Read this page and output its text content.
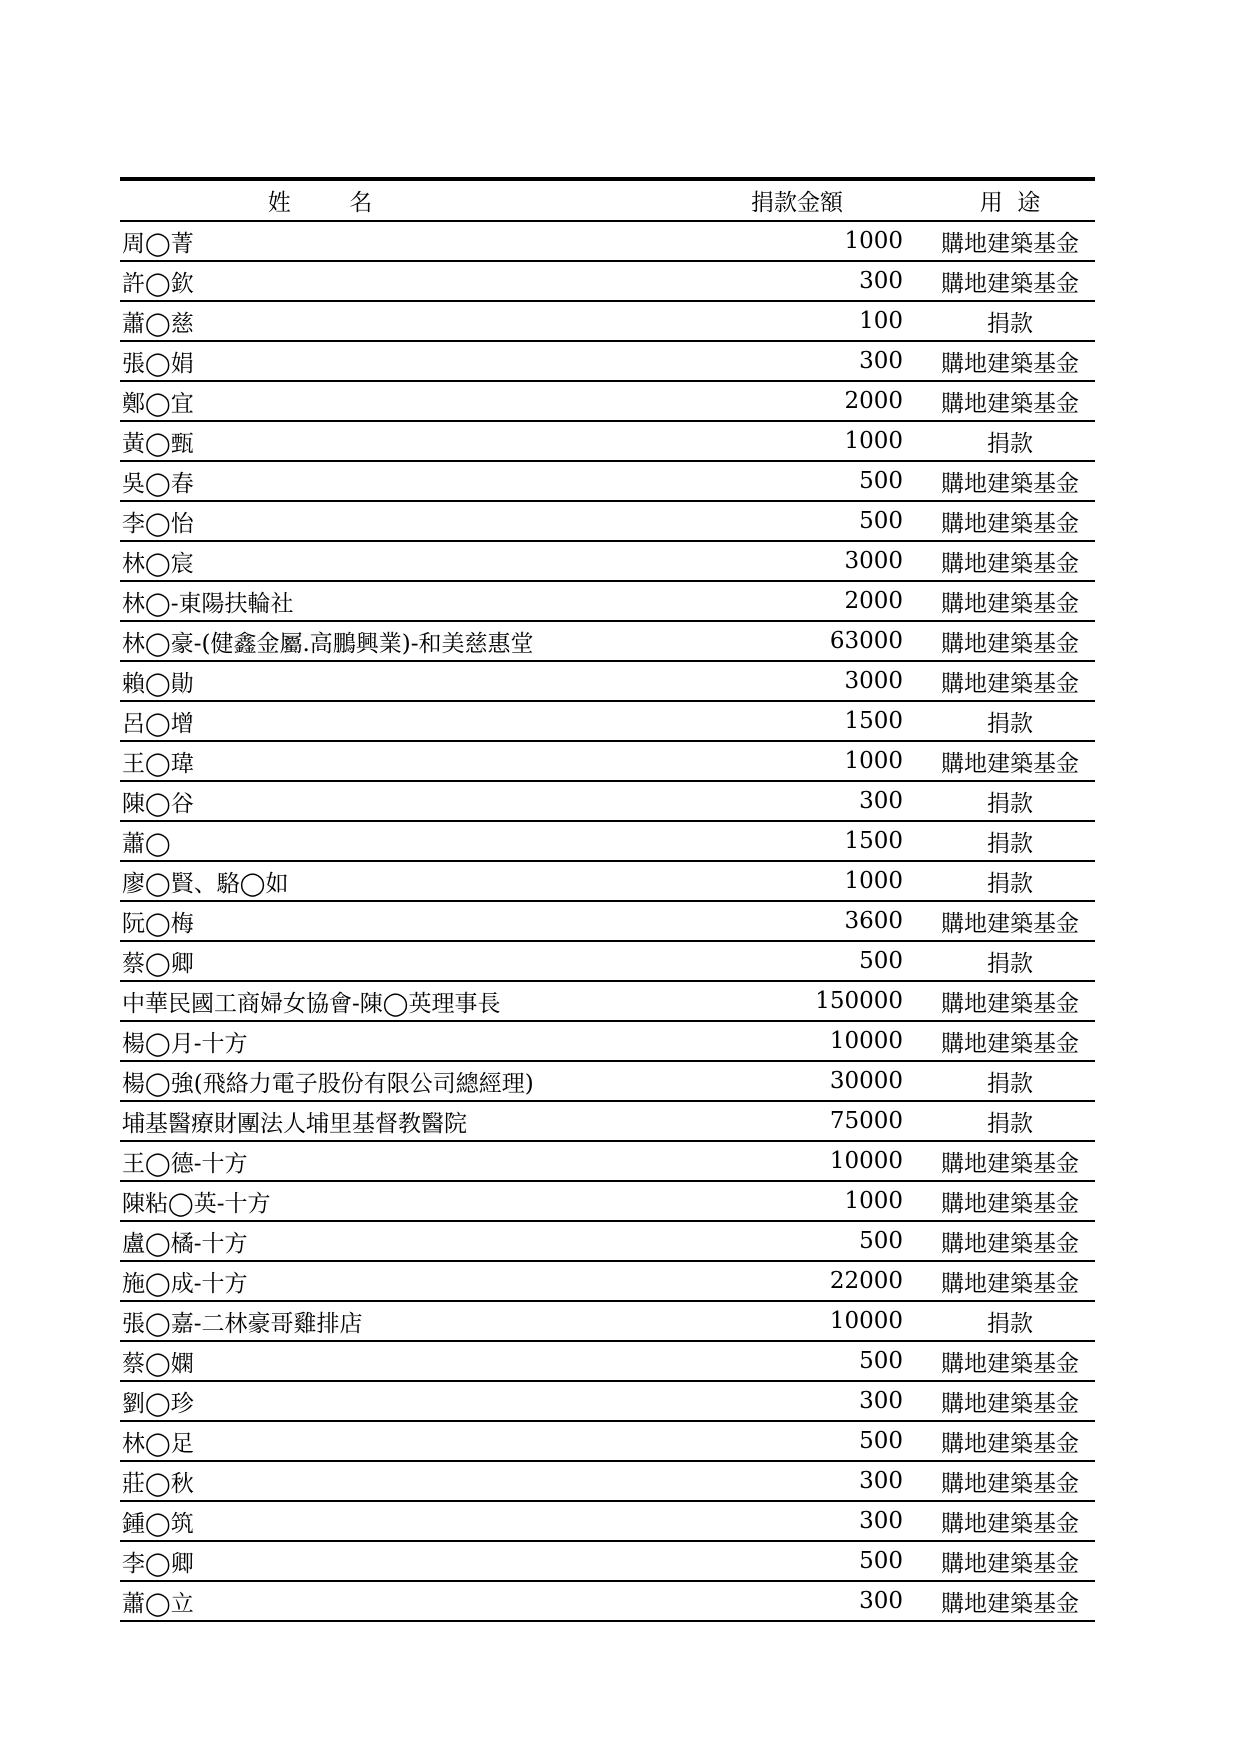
姓        名	捐款金額	用  途
周◯菁	1000	購地建築基金
許◯欽	300	購地建築基金
蕭◯慈	100	捐款
張◯娟	300	購地建築基金
鄭◯宜	2000	購地建築基金
黃◯甄	1000	捐款
吳◯春	500	購地建築基金
李◯怡	500	購地建築基金
林◯宸	3000	購地建築基金
林◯-東陽扶輪社	2000	購地建築基金
林◯豪-(健鑫金屬.高鵬興業)-和美慈惠堂	63000	購地建築基金
賴◯勛	3000	購地建築基金
呂◯增	1500	捐款
王◯瑋	1000	購地建築基金
陳◯谷	300	捐款
蕭◯	1500	捐款
廖◯賢、駱◯如	1000	捐款
阮◯梅	3600	購地建築基金
蔡◯卿	500	捐款
中華民國工商婦女協會-陳◯英理事長	150000	購地建築基金
楊◯月-十方	10000	購地建築基金
楊◯強(飛絡力電子股份有限公司總經理)	30000	捐款
埔基醫療財團法人埔里基督教醫院	75000	捐款
王◯德-十方	10000	購地建築基金
陳粘◯英-十方	1000	購地建築基金
盧◯橘-十方	500	購地建築基金
施◯成-十方	22000	購地建築基金
張◯嘉-二林豪哥雞排店	10000	捐款
蔡◯嫻	500	購地建築基金
劉◯珍	300	購地建築基金
林◯足	500	購地建築基金
莊◯秋	300	購地建築基金
鍾◯筑	300	購地建築基金
李◯卿	500	購地建築基金
蕭◯立	300	購地建築基金
